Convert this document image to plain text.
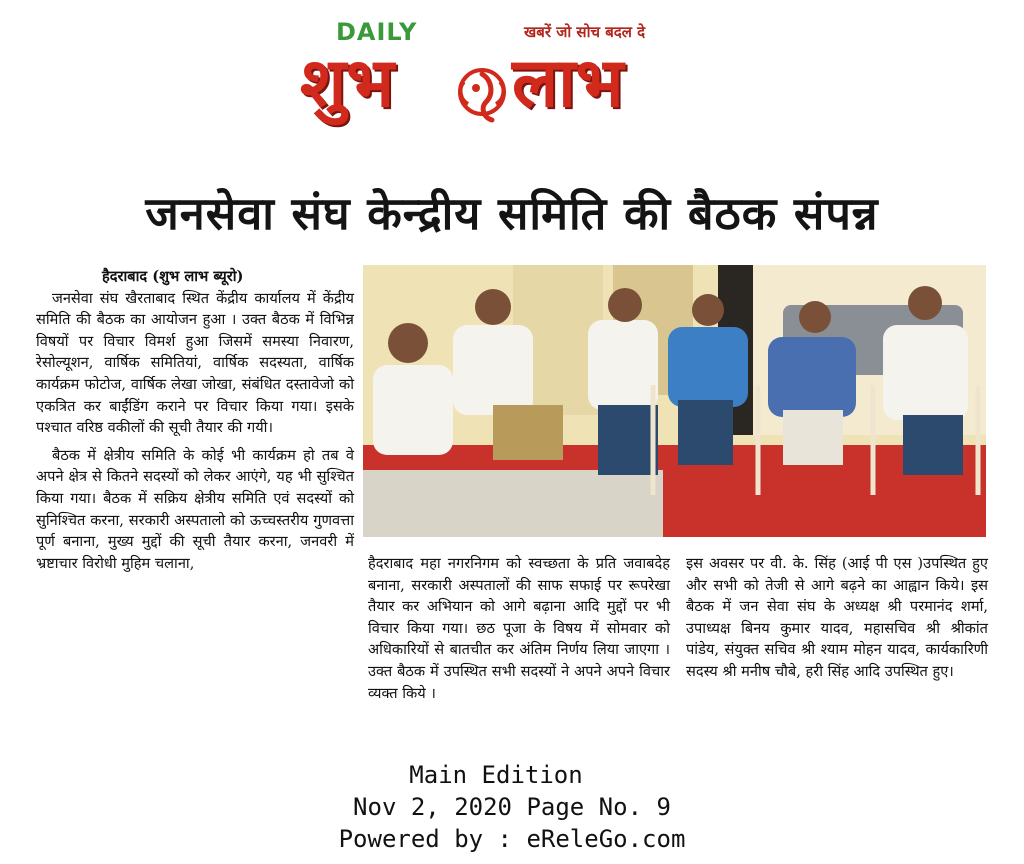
DAILY	खबरें जो सोच बदल दे
शुभ लाभ
जनसेवा संघ केन्द्रीय समिति की बैठक संपन्न

हैदराबाद (शुभ लाभ ब्यूरो)

जनसेवा संघ खैरताबाद स्थित केंद्रीय कार्यालय में केंद्रीय समिति की बैठक का आयोजन हुआ । उक्त बैठक में विभिन्न विषयों पर विचार विमर्श हुआ जिसमें समस्या निवारण, रेसोल्यूशन, वार्षिक समितियां, वार्षिक सदस्यता, वार्षिक कार्यक्रम फोटोज, वार्षिक लेखा जोखा, संबंधित दस्तावेजो को एकत्रित कर बाईंडिंग कराने पर विचार किया गया। इसके पश्चात वरिष्ठ वकीलों की सूची तैयार की गयी।

बैठक में क्षेत्रीय समिति के कोई भी कार्यक्रम हो तब वे अपने क्षेत्र से कितने सदस्यों को लेकर आएंगे, यह भी सुश्चित किया गया। बैठक में सक्रिय क्षेत्रीय समिति एवं सदस्यों को सुनिश्चित करना, सरकारी अस्पतालो को ऊच्चस्तरीय गुणवत्ता पूर्ण बनाना, मुख्य मुद्दों की सूची तैयार करना, जनवरी में भ्रष्टाचार विरोधी मुहिम चलाना,	हैदराबाद महा नगरनिगम को स्वच्छता के प्रति जवाबदेह बनाना, सरकारी अस्पतालों की साफ सफाई पर रूपरेखा तैयार कर अभियान को आगे बढ़ाना आदि मुद्दों पर भी विचार किया गया। छठ पूजा के विषय में सोमवार को अधिकारियों से बातचीत कर अंतिम निर्णय लिया जाएगा । उक्त बैठक में उपस्थित सभी सदस्यों ने अपने अपने विचार व्यक्त किये ।

इस अवसर पर वी. के. सिंह (आई पी एस )उपस्थित हुए और सभी को तेजी से आगे बढ़ने का आह्वान किये। इस बैठक में जन सेवा संघ के अध्यक्ष श्री परमानंद शर्मा, उपाध्यक्ष बिनय कुमार यादव, महासचिव श्री श्रीकांत पांडेय, संयुक्त सचिव श्री श्याम मोहन यादव, कार्यकारिणी सदस्य श्री मनीष चौबे, हरी सिंह आदि उपस्थित हुए।

Main Edition
Nov 2, 2020 Page No. 9
Powered by : eReleGo.com
